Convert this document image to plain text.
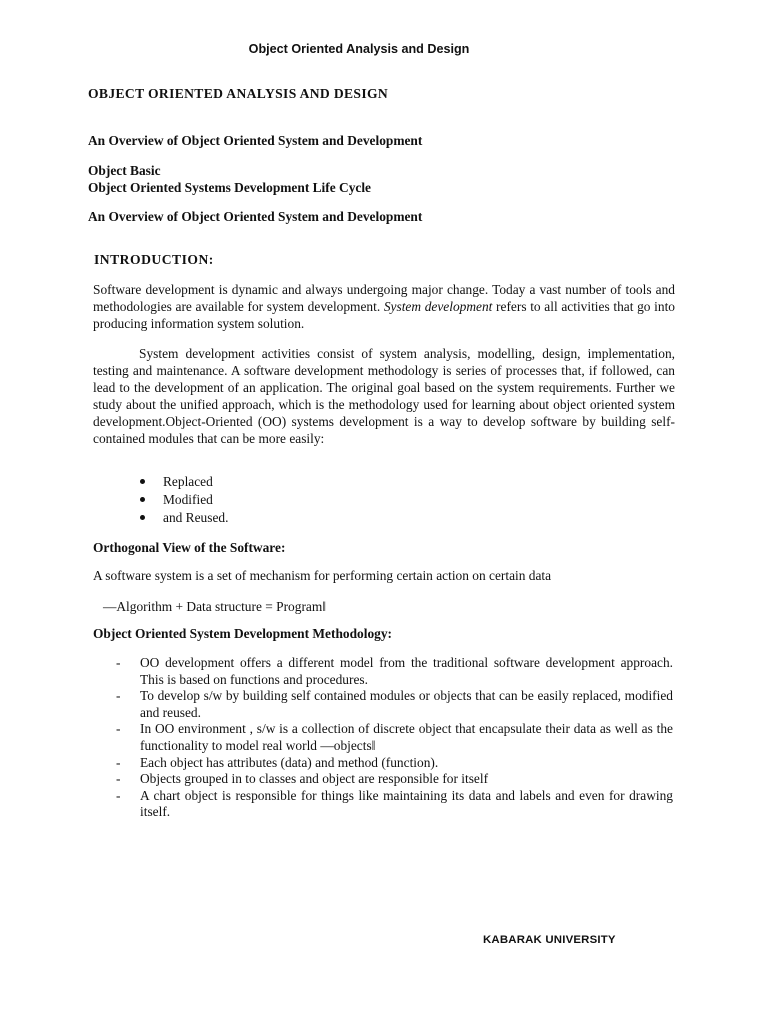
Object Oriented Analysis and Design
OBJECT ORIENTED ANALYSIS AND DESIGN
An Overview of Object Oriented System and Development
Object Basic
Object Oriented Systems Development Life Cycle
An Overview of Object Oriented System and Development
INTRODUCTION:

Software development is dynamic and always undergoing major change. Today a vast number of tools and methodologies are available for system development. System development refers to all activities that go into producing information system solution.

System development activities consist of system analysis, modelling, design, implementation, testing and maintenance. A software development methodology is series of processes that, if followed, can lead to the development of an application. The original goal based on the system requirements. Further we study about the unified approach, which is the methodology used for learning about object oriented system development.Object-Oriented (OO) systems development is a way to develop software by building self-contained modules that can be more easily:

Replaced
Modified
and Reused.
Orthogonal View of the Software:
A software system is a set of mechanism for performing certain action on certain data
—Algorithm + Data structure = Program‖
Object Oriented System Development Methodology:
- OO development offers a different model from the traditional software development approach. This is based on functions and procedures.
- To develop s/w by building self contained modules or objects that can be easily replaced, modified and reused.
- In OO environment , s/w is a collection of discrete object that encapsulate their data as well as the functionality to model real world —objects‖
- Each object has attributes (data) and method (function).
- Objects grouped in to classes and object are responsible for itself
- A chart object is responsible for things like maintaining its data and labels and even for drawing itself.
KABARAK UNIVERSITY
